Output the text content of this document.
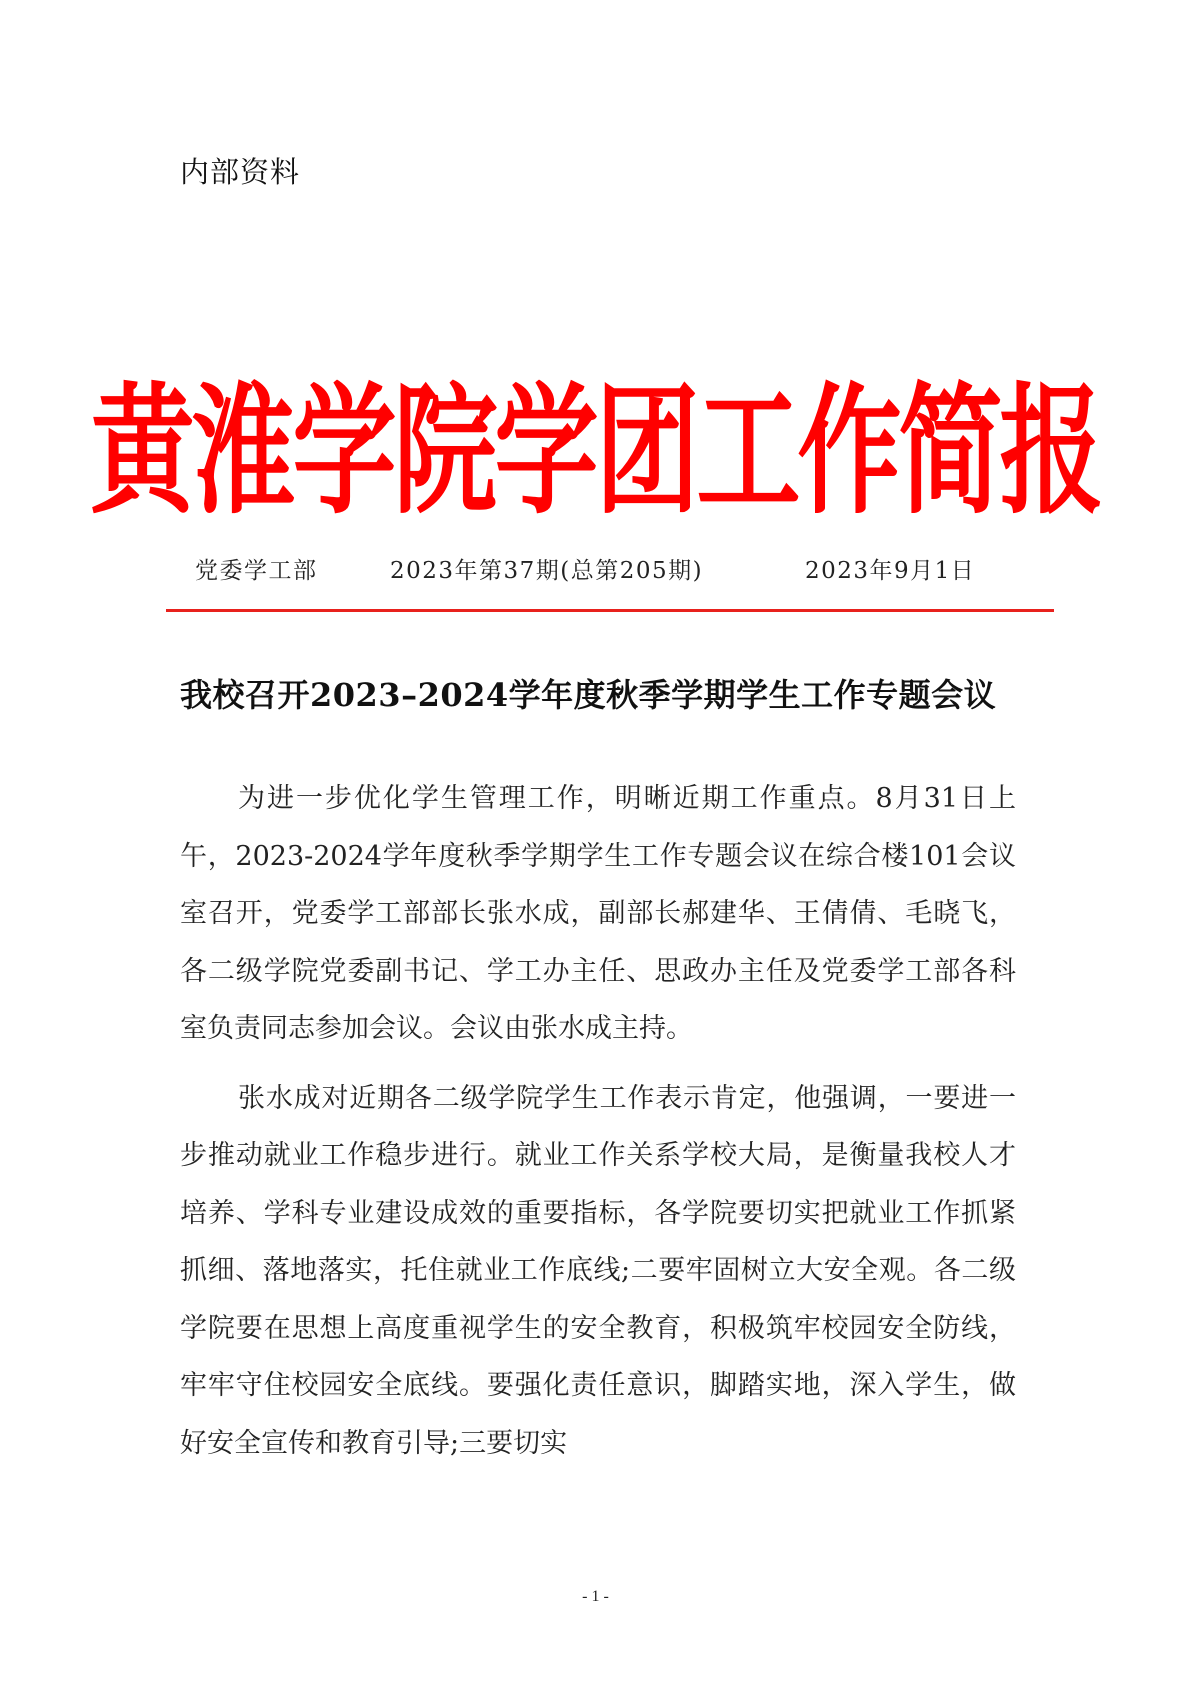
内部资料
黄淮学院学团工作简报
党委学工部	2023年第37期(总第205期)	2023年9月1日
我校召开2023–2024学年度秋季学期学生工作专题会议

为进一步优化学生管理工作，明晰近期工作重点。8月31日上午，2023-2024学年度秋季学期学生工作专题会议在综合楼101会议室召开，党委学工部部长张水成，副部长郝建华、王倩倩、毛晓飞，各二级学院党委副书记、学工办主任、思政办主任及党委学工部各科室负责同志参加会议。会议由张水成主持。

张水成对近期各二级学院学生工作表示肯定，他强调，一要进一步推动就业工作稳步进行。就业工作关系学校大局，是衡量我校人才培养、学科专业建设成效的重要指标，各学院要切实把就业工作抓紧抓细、落地落实，托住就业工作底线;二要牢固树立大安全观。各二级学院要在思想上高度重视学生的安全教育，积极筑牢校园安全防线，牢牢守住校园安全底线。要强化责任意识，脚踏实地，深入学生，做好安全宣传和教育引导;三要切实

- 1 -
